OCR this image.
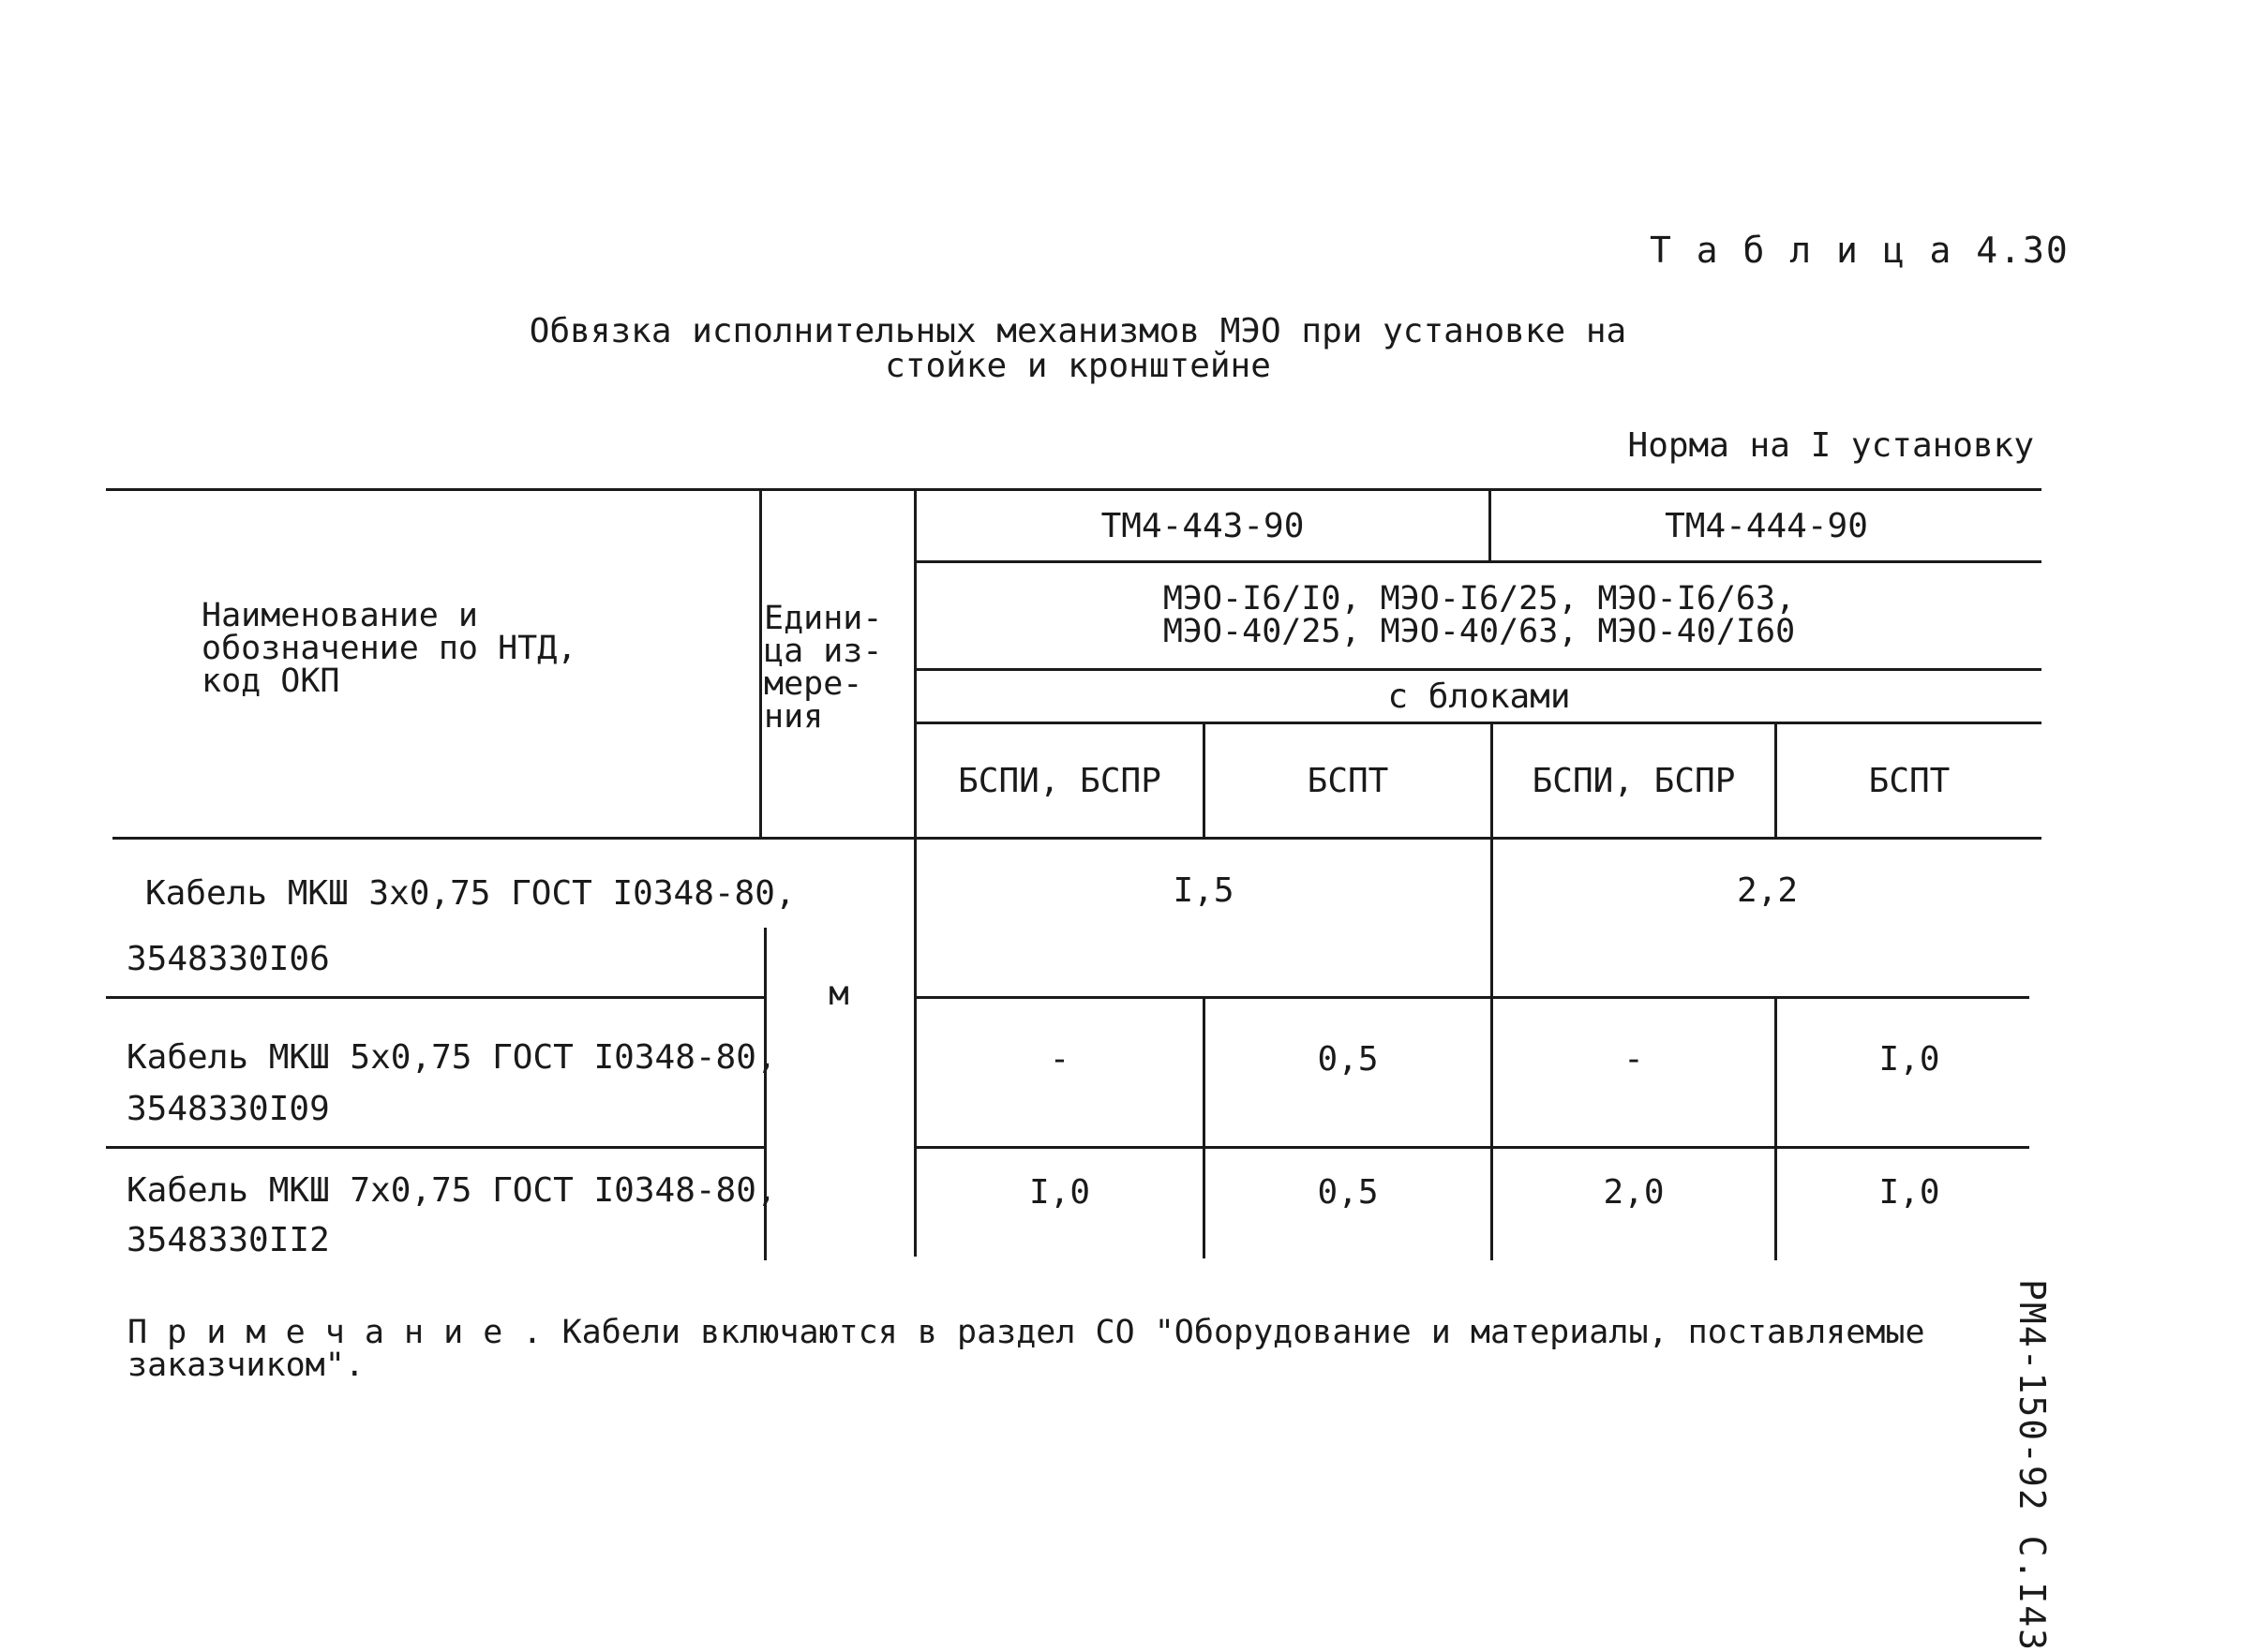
Т а б л и ц а 4.30
Обвязка исполнительных механизмов МЭО при установке на
стойке и кронштейне
Норма на I установку
Наименование и
обозначение по НТД,
код ОКП
Едини-
ца из-
мере-
ния
ТМ4-443-90	ТМ4-444-90
МЭО-I6/I0, МЭО-I6/25, МЭО-I6/63,
МЭО-40/25, МЭО-40/63, МЭО-40/I60
с блоками
БСПИ, БСПР	БСПТ	БСПИ, БСПР	БСПТ
м
Кабель МКШ 3х0,75 ГОСТ I0348-80,
3548330I06
I,5	2,2
Кабель МКШ 5х0,75 ГОСТ I0348-80,
3548330I09
-	0,5	-	I,0
Кабель МКШ 7х0,75 ГОСТ I0348-80,
3548330II2
I,0	0,5	2,0	I,0
П р и м е ч а н и е . Кабели включаются в раздел СО "Оборудование и материалы, поставляемые
заказчиком".	РМ4-150-92 С.I43
